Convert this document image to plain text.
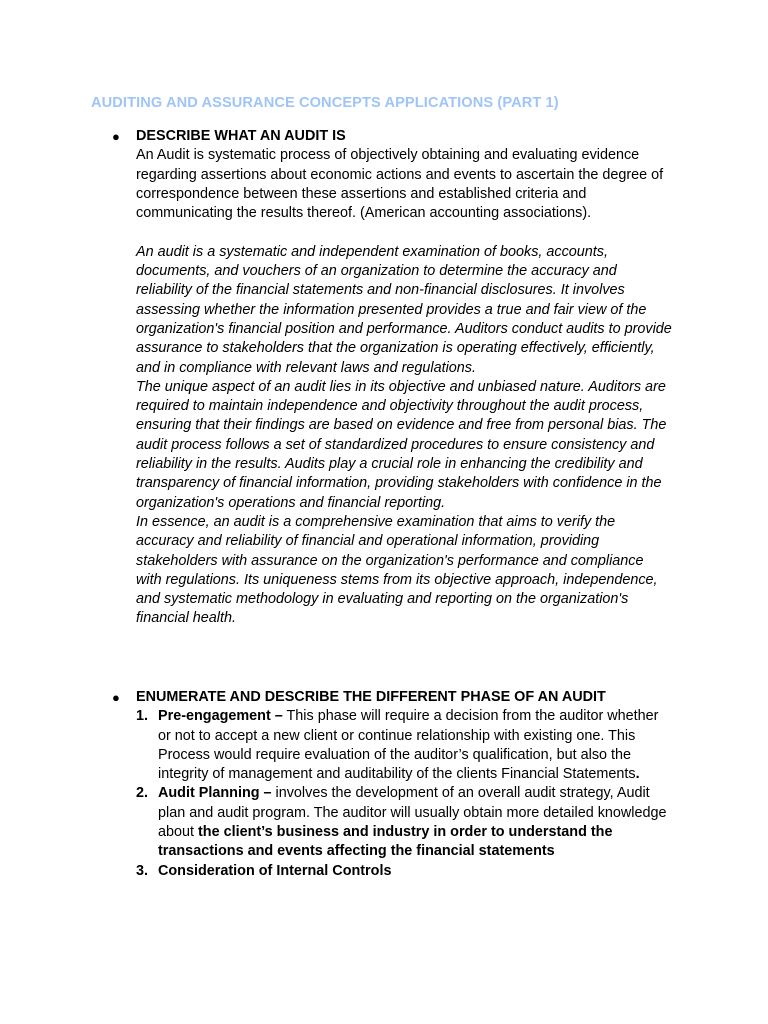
AUDITING AND ASSURANCE CONCEPTS APPLICATIONS (PART 1)
● DESCRIBE WHAT AN AUDIT IS

An Audit is systematic process of objectively obtaining and evaluating evidence regarding assertions about economic actions and events to ascertain the degree of correspondence between these assertions and established criteria and communicating the results thereof. (American accounting associations).

An audit is a systematic and independent examination of books, accounts, documents, and vouchers of an organization to determine the accuracy and reliability of the financial statements and non-financial disclosures. It involves assessing whether the information presented provides a true and fair view of the organization's financial position and performance. Auditors conduct audits to provide assurance to stakeholders that the organization is operating effectively, efficiently, and in compliance with relevant laws and regulations.

The unique aspect of an audit lies in its objective and unbiased nature. Auditors are required to maintain independence and objectivity throughout the audit process, ensuring that their findings are based on evidence and free from personal bias. The audit process follows a set of standardized procedures to ensure consistency and reliability in the results. Audits play a crucial role in enhancing the credibility and transparency of financial information, providing stakeholders with confidence in the organization's operations and financial reporting.

In essence, an audit is a comprehensive examination that aims to verify the accuracy and reliability of financial and operational information, providing stakeholders with assurance on the organization's performance and compliance with regulations. Its uniqueness stems from its objective approach, independence, and systematic methodology in evaluating and reporting on the organization's financial health.

● ENUMERATE AND DESCRIBE THE DIFFERENT PHASE OF AN AUDIT
1. Pre-engagement – This phase will require a decision from the auditor whether or not to accept a new client or continue relationship with existing one. This Process would require evaluation of the auditor’s qualification, but also the integrity of management and auditability of the clients Financial Statements.
2. Audit Planning – involves the development of an overall audit strategy, Audit plan and audit program. The auditor will usually obtain more detailed knowledge about the client’s business and industry in order to understand the transactions and events affecting the financial statements
3. Consideration of Internal Controls
